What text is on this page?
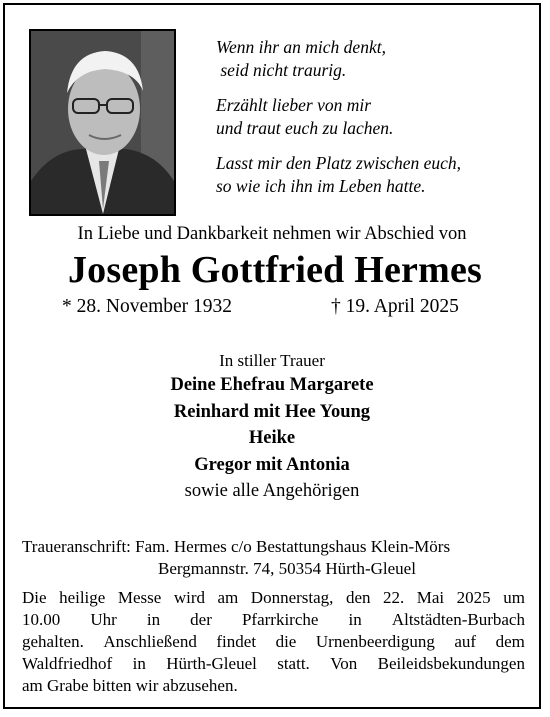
Wenn ihr an mich denkt,
seid nicht traurig.
Erzählt lieber von mir
und traut euch zu lachen.
Lasst mir den Platz zwischen euch,
so wie ich ihn im Leben hatte.
In Liebe und Dankbarkeit nehmen wir Abschied von
Joseph Gottfried Hermes
* 28. November 1932	† 19. April 2025
In stiller Trauer
Deine Ehefrau Margarete
Reinhard mit Hee Young
Heike
Gregor mit Antonia
sowie alle Angehörigen
Traueranschrift: Fam. Hermes c/o Bestattungshaus Klein-Mörs
Bergmannstr. 74, 50354 Hürth-Gleuel
Die heilige Messe wird am Donnerstag, den 22. Mai 2025 um
10.00 Uhr in der Pfarrkirche in Altstädten-Burbach
gehalten. Anschließend findet die Urnenbeerdigung auf dem
Waldfriedhof in Hürth-Gleuel statt. Von Beileidsbekundungen
am Grabe bitten wir abzusehen.
